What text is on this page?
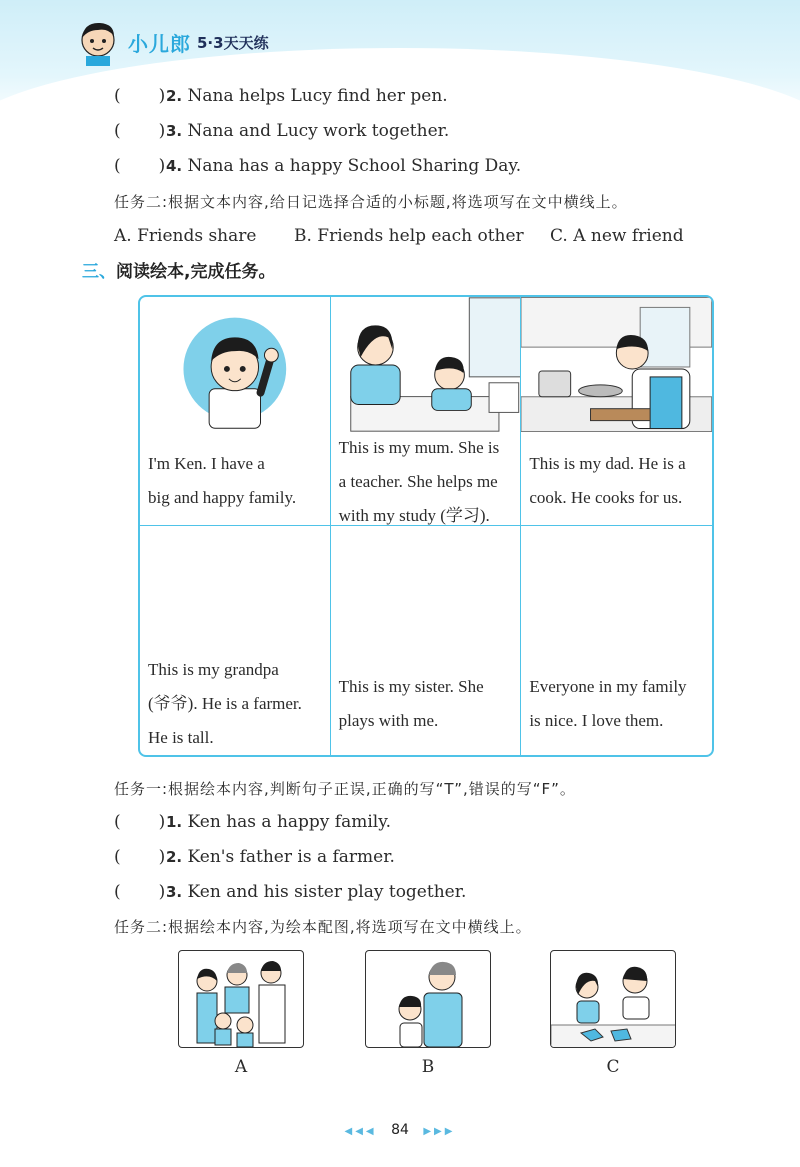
小儿郎 5·3天天练
( )2. Nana helps Lucy find her pen.
( )3. Nana and Lucy work together.
( )4. Nana has a happy School Sharing Day.
任务二:根据文本内容,给日记选择合适的小标题,将选项写在文中横线上。
A. Friends share B. Friends help each other C. A new friend
三、阅读绘本,完成任务。
I'm Ken. I have a
big and happy family.
This is my mum. She is
a teacher. She helps me
with my study (学习).
This is my dad. He is a
cook. He cooks for us.
This is my grandpa
(爷爷). He is a farmer.
He is tall.
This is my sister. She
plays with me.
Everyone in my family
is nice. I love them.
任务一:根据绘本内容,判断句子正误,正确的写“T”,错误的写“F”。
( )1. Ken has a happy family.
( )2. Ken's father is a farmer.
( )3. Ken and his sister play together.
任务二:根据绘本内容,为绘本配图,将选项写在文中横线上。
A	B	C
◀◀◀ 84 ▶▶▶
